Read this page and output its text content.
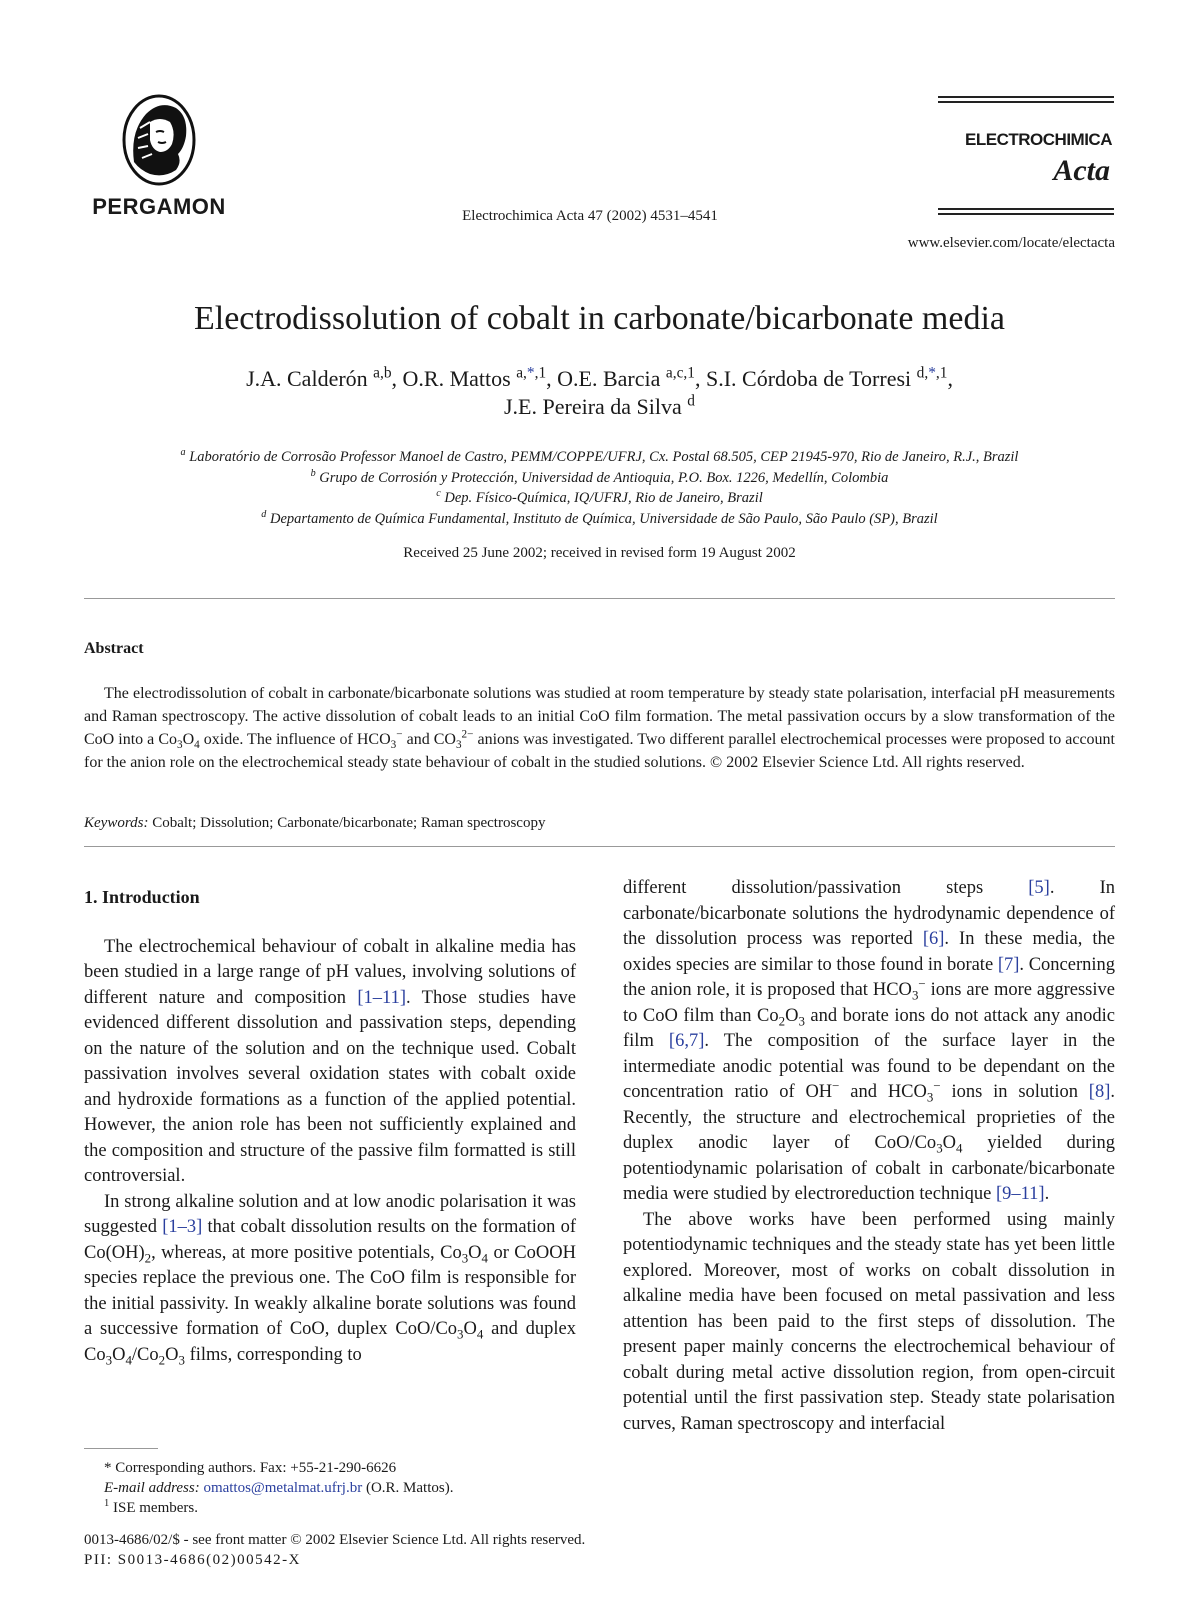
PERGAMON	Electrochimica Acta 47 (2002) 4531–4541
ELECTROCHIMICA
Acta
www.elsevier.com/locate/electacta
Electrodissolution of cobalt in carbonate/bicarbonate media
J.A. Calderón $^{a,b}$, O.R. Mattos $^{a,*,1}$, O.E. Barcia $^{a,c,1}$, S.I. Córdoba de Torresi $^{d,*,1}$,
J.E. Pereira da Silva $^d$
$^a$ Laboratório de Corrosão Professor Manoel de Castro, PEMM/COPPE/UFRJ, Cx. Postal 68.505, CEP 21945-970, Rio de Janeiro, R.J., Brazil
$^b$ Grupo de Corrosión y Protección, Universidad de Antioquia, P.O. Box. 1226, Medellín, Colombia
$^c$ Dep. Físico-Química, IQ/UFRJ, Rio de Janeiro, Brazil
$^d$ Departamento de Química Fundamental, Instituto de Química, Universidade de São Paulo, São Paulo (SP), Brazil
Received 25 June 2002; received in revised form 19 August 2002
Abstract
The electrodissolution of cobalt in carbonate/bicarbonate solutions was studied at room temperature by steady state polarisation, interfacial pH measurements and Raman spectroscopy. The active dissolution of cobalt leads to an initial CoO film formation. The metal passivation occurs by a slow transformation of the CoO into a $Co_3O_4$ oxide. The influence of $HCO_3^-$ and $CO_3^{2-}$ anions was investigated. Two different parallel electrochemical processes were proposed to account for the anion role on the electrochemical steady state behaviour of cobalt in the studied solutions. © 2002 Elsevier Science Ltd. All rights reserved.
Keywords: Cobalt; Dissolution; Carbonate/bicarbonate; Raman spectroscopy

1. Introduction

The electrochemical behaviour of cobalt in alkaline media has been studied in a large range of pH values, involving solutions of different nature and composition [1–11]. Those studies have evidenced different dissolution and passivation steps, depending on the nature of the solution and on the technique used. Cobalt passivation involves several oxidation states with cobalt oxide and hydroxide formations as a function of the applied potential. However, the anion role has been not sufficiently explained and the composition and structure of the passive film formatted is still controversial.

In strong alkaline solution and at low anodic polarisation it was suggested [1–3] that cobalt dissolution results on the formation of $Co(OH)_2$, whereas, at more positive potentials, $Co_3O_4$ or CoOOH species replace the previous one. The CoO film is responsible for the initial passivity. In weakly alkaline borate solutions was found a successive formation of CoO, duplex CoO/$Co_3O_4$ and duplex $Co_3O_4/Co_2O_3$ films, corresponding to

different dissolution/passivation steps [5]. In carbonate/bicarbonate solutions the hydrodynamic dependence of the dissolution process was reported [6]. In these media, the oxides species are similar to those found in borate [7]. Concerning the anion role, it is proposed that $HCO_3^-$ ions are more aggressive to CoO film than $Co_2O_3$ and borate ions do not attack any anodic film [6,7]. The composition of the surface layer in the intermediate anodic potential was found to be dependant on the concentration ratio of OH− and $HCO_3^-$ ions in solution [8]. Recently, the structure and electrochemical proprieties of the duplex anodic layer of CoO/$Co_3O_4$ yielded during potentiodynamic polarisation of cobalt in carbonate/bicarbonate media were studied by electroreduction technique [9–11].

The above works have been performed using mainly potentiodynamic techniques and the steady state has yet been little explored. Moreover, most of works on cobalt dissolution in alkaline media have been focused on metal passivation and less attention has been paid to the first steps of dissolution. The present paper mainly concerns the electrochemical behaviour of cobalt during metal active dissolution region, from open-circuit potential until the first passivation step. Steady state polarisation curves, Raman spectroscopy and interfacial

* Corresponding authors. Fax: +55-21-290-6626
E-mail address: omattos@metalmat.ufrj.br (O.R. Mattos).
$^1$ ISE members.
0013-4686/02/$ - see front matter © 2002 Elsevier Science Ltd. All rights reserved.
PII: S0013-4686(02)00542-X
